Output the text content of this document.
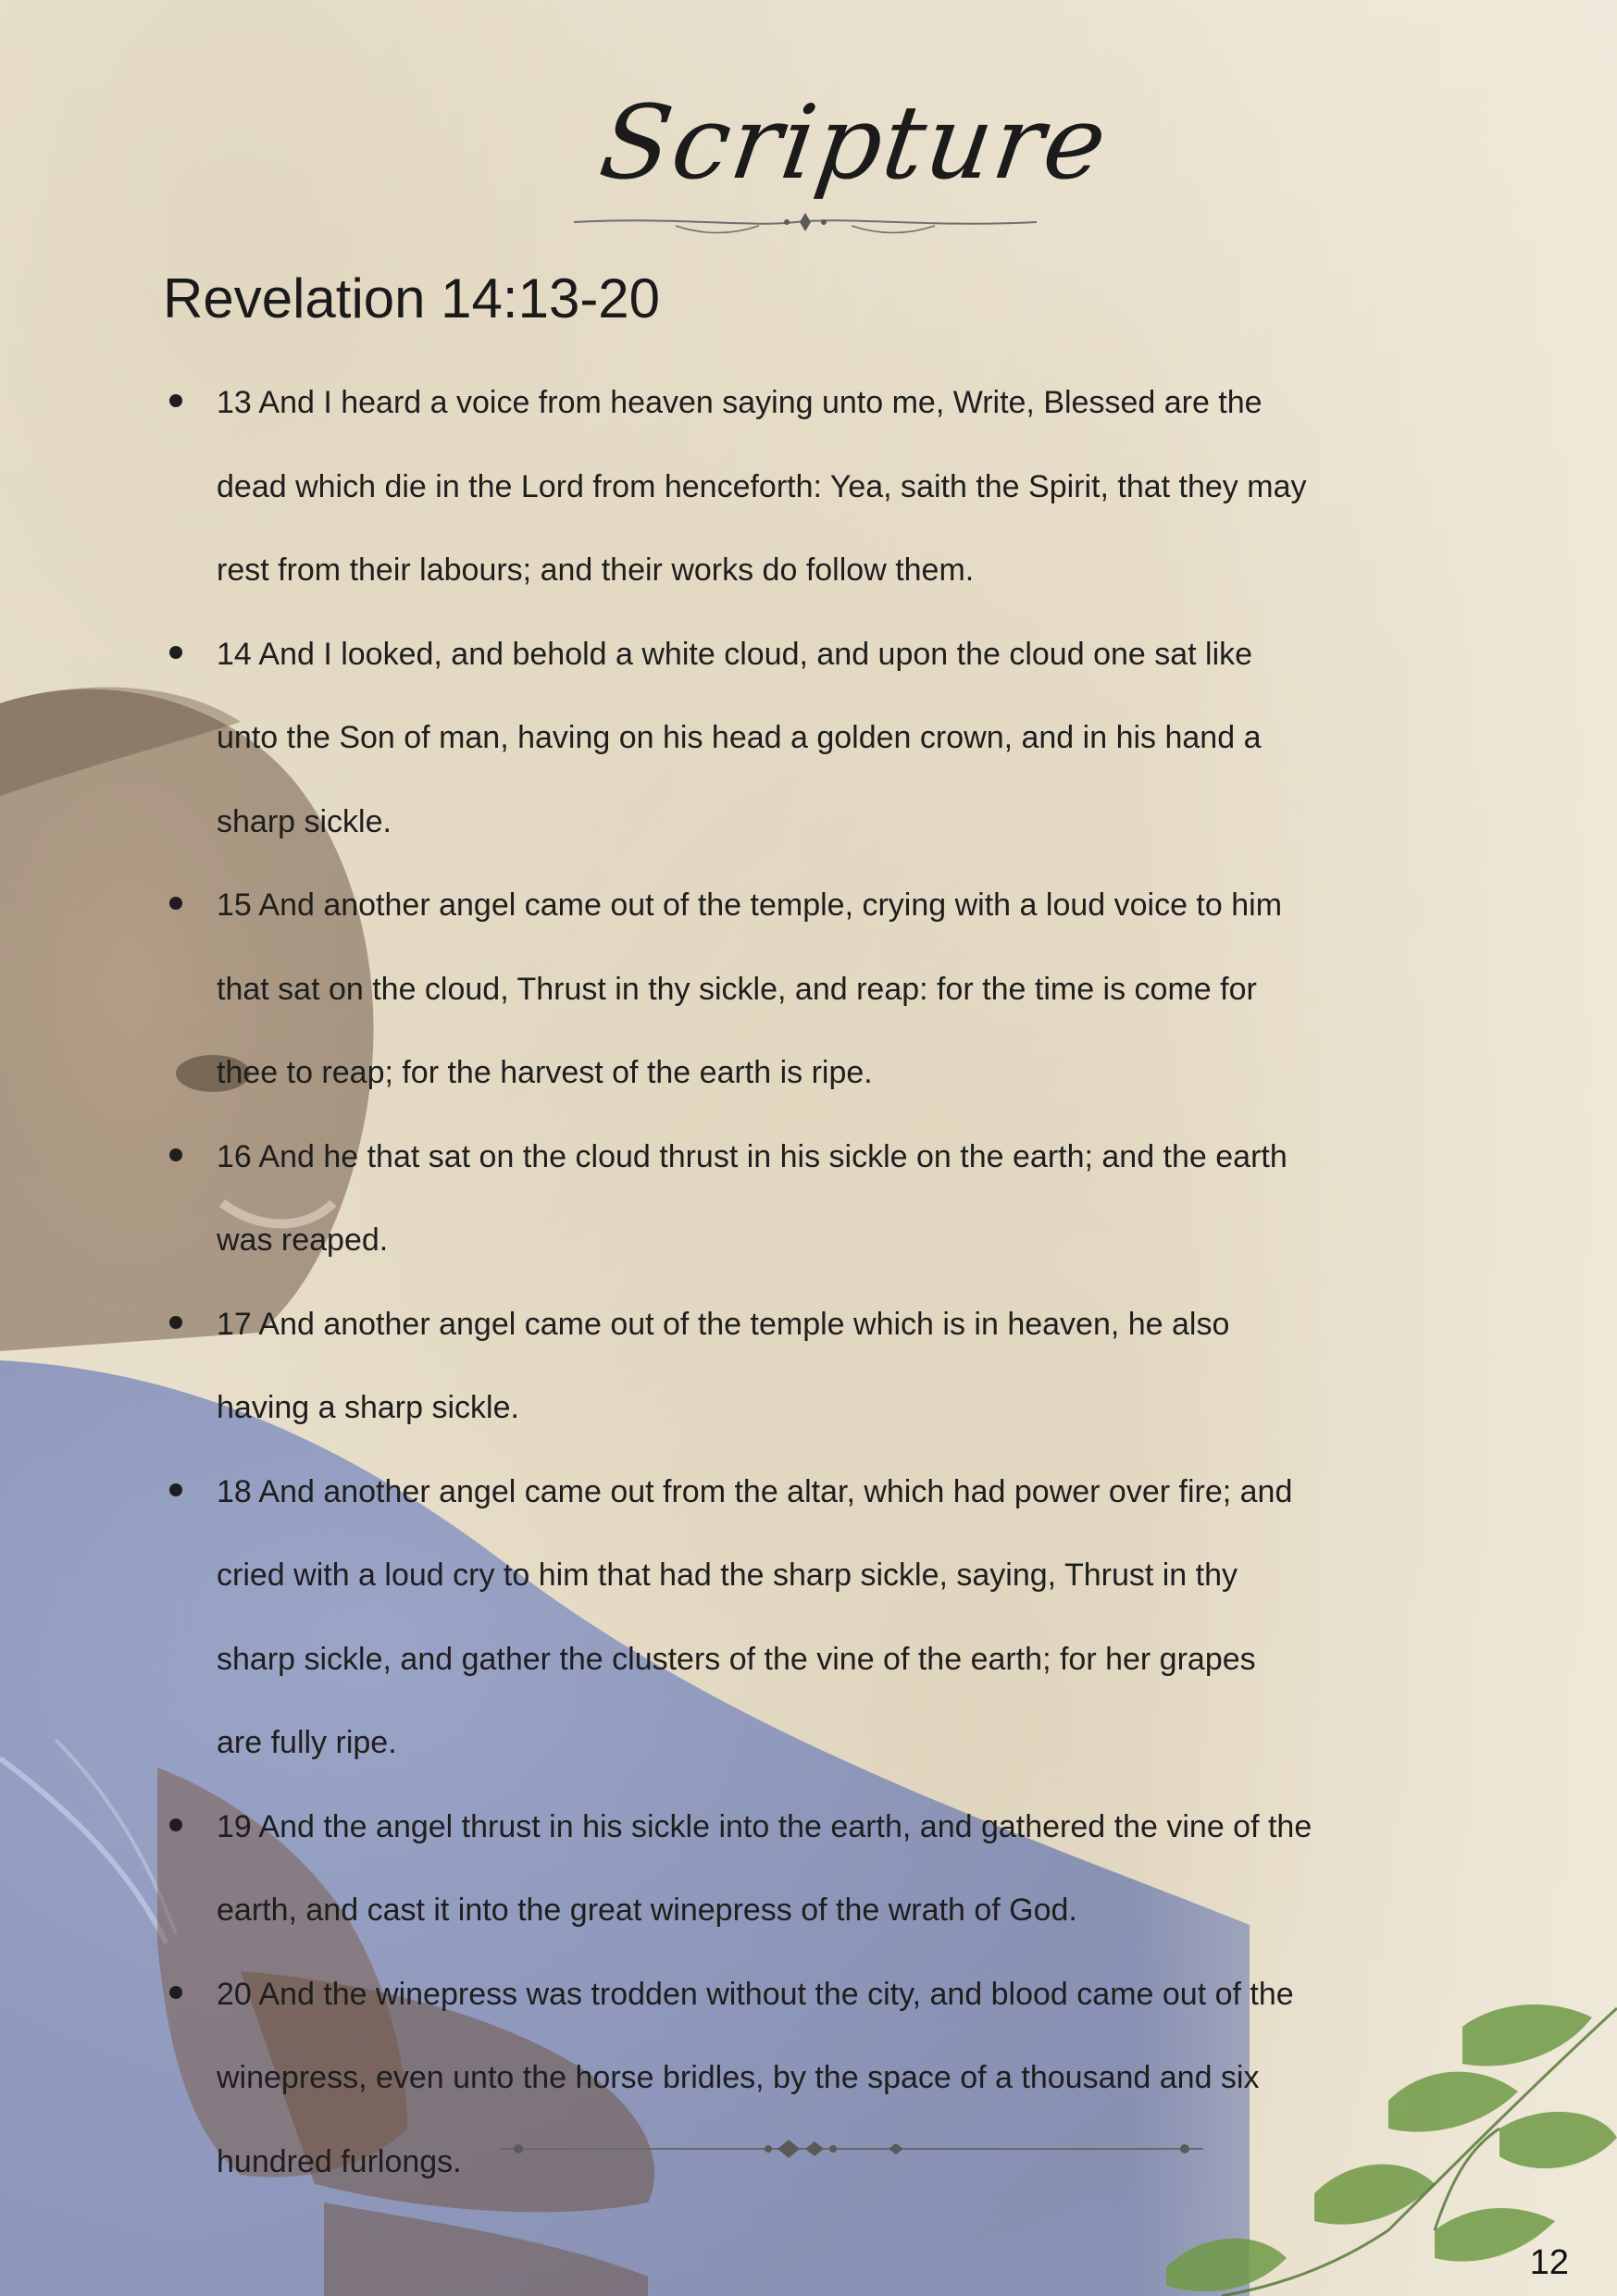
Scripture
Revelation 14:13-20
13 And I heard a voice from heaven saying unto me, Write, Blessed are the
dead which die in the Lord from henceforth: Yea, saith the Spirit, that they may
rest from their labours; and their works do follow them.
14 And I looked, and behold a white cloud, and upon the cloud one sat like
unto the Son of man, having on his head a golden crown, and in his hand a
sharp sickle.
15 And another angel came out of the temple, crying with a loud voice to him
that sat on the cloud, Thrust in thy sickle, and reap: for the time is come for
thee to reap; for the harvest of the earth is ripe.
16 And he that sat on the cloud thrust in his sickle on the earth; and the earth
was reaped.
17 And another angel came out of the temple which is in heaven, he also
having a sharp sickle.
18 And another angel came out from the altar, which had power over fire; and
cried with a loud cry to him that had the sharp sickle, saying, Thrust in thy
sharp sickle, and gather the clusters of the vine of the earth; for her grapes
are fully ripe.
19 And the angel thrust in his sickle into the earth, and gathered the vine of the
earth, and cast it into the great winepress of the wrath of God.
20 And the winepress was trodden without the city, and blood came out of the
winepress, even unto the horse bridles, by the space of a thousand and six
hundred furlongs.
12
